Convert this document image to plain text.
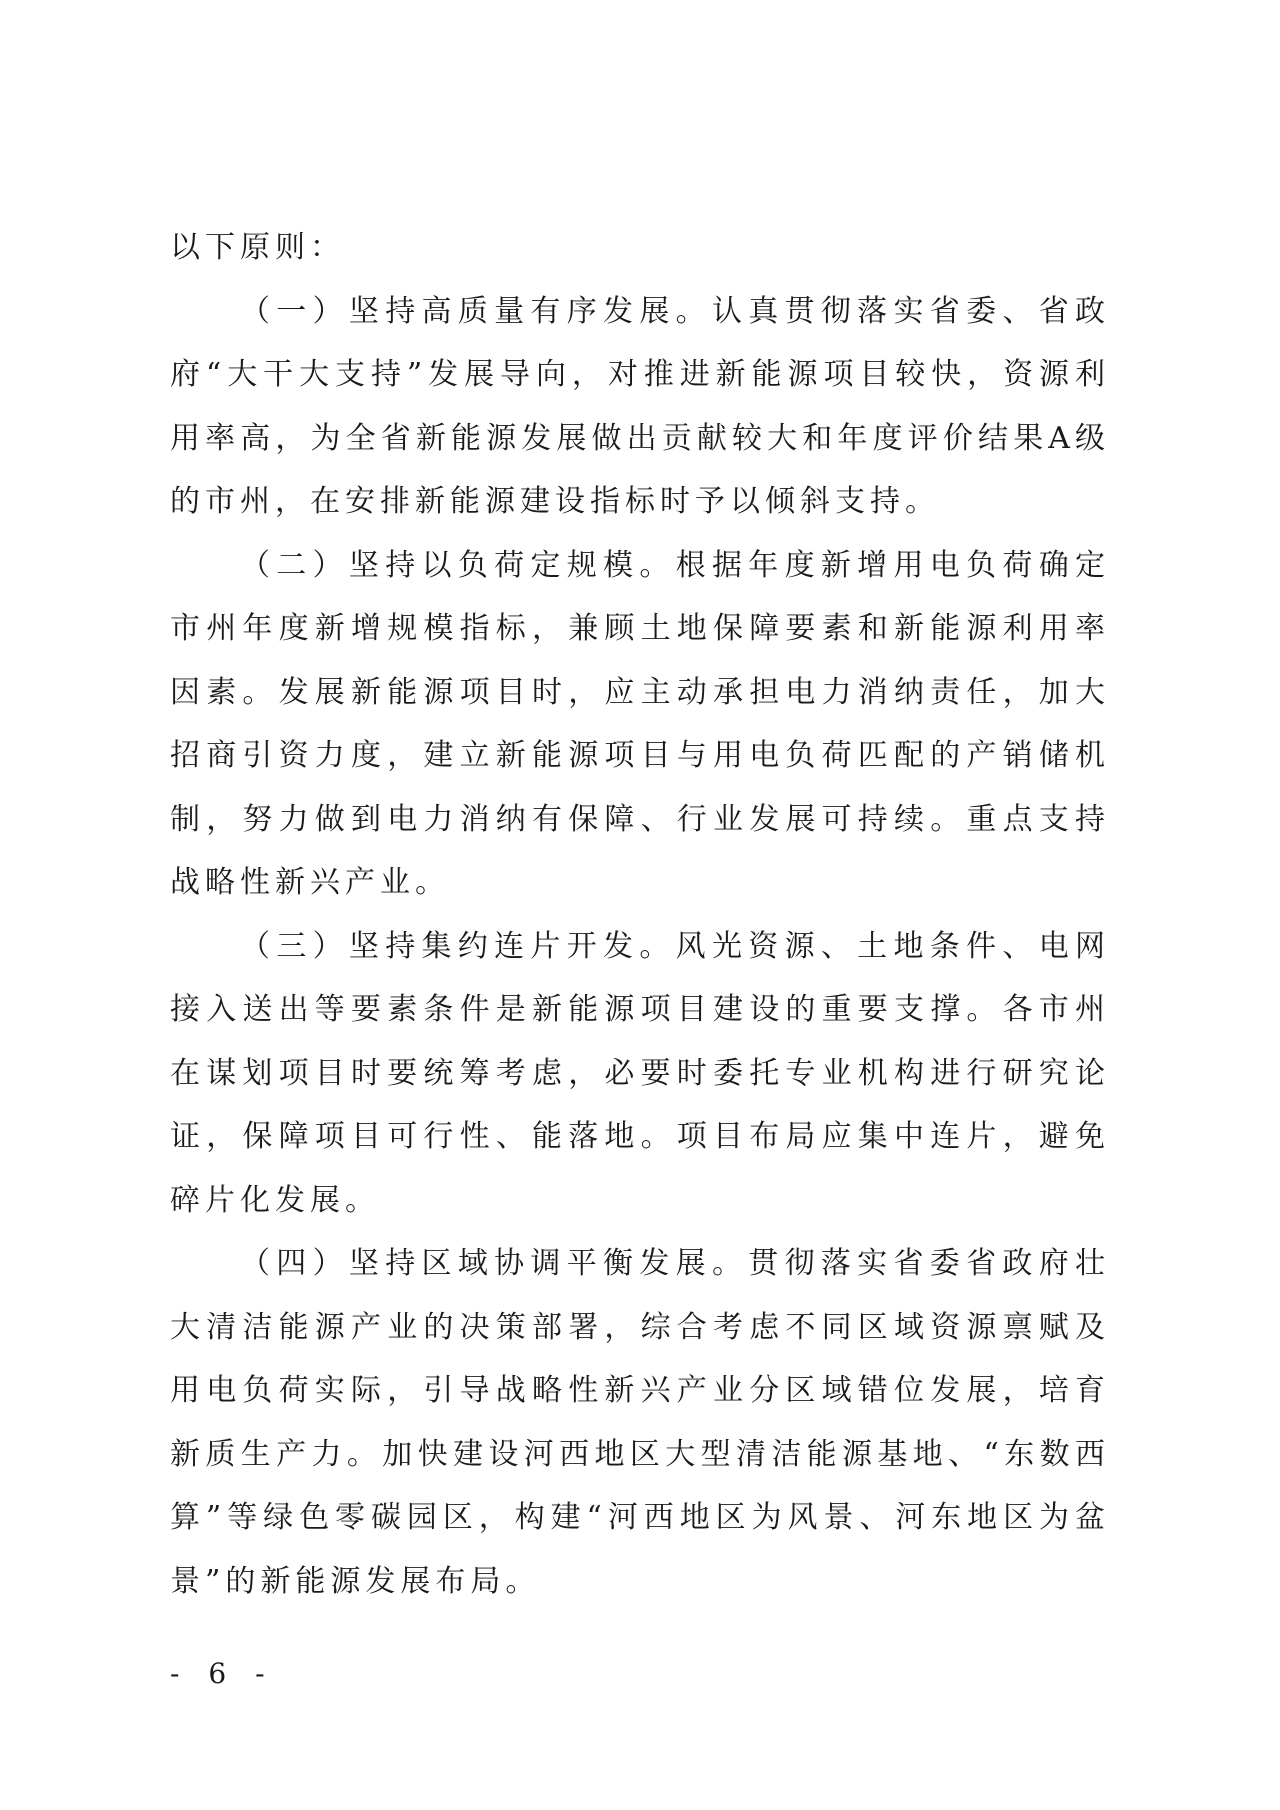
以下原则：

（一）坚持高质量有序发展。认真贯彻落实省委、省政府“大干大支持”发展导向，对推进新能源项目较快，资源利用率高，为全省新能源发展做出贡献较大和年度评价结果A级的市州，在安排新能源建设指标时予以倾斜支持。

（二）坚持以负荷定规模。根据年度新增用电负荷确定市州年度新增规模指标，兼顾土地保障要素和新能源利用率因素。发展新能源项目时，应主动承担电力消纳责任，加大招商引资力度，建立新能源项目与用电负荷匹配的产销储机制，努力做到电力消纳有保障、行业发展可持续。重点支持战略性新兴产业。

（三）坚持集约连片开发。风光资源、土地条件、电网接入送出等要素条件是新能源项目建设的重要支撑。各市州在谋划项目时要统筹考虑，必要时委托专业机构进行研究论证，保障项目可行性、能落地。项目布局应集中连片，避免碎片化发展。

（四）坚持区域协调平衡发展。贯彻落实省委省政府壮大清洁能源产业的决策部署，综合考虑不同区域资源禀赋及用电负荷实际，引导战略性新兴产业分区域错位发展，培育新质生产力。加快建设河西地区大型清洁能源基地、“东数西算”等绿色零碳园区，构建“河西地区为风景、河东地区为盆景”的新能源发展布局。

- 6 -
